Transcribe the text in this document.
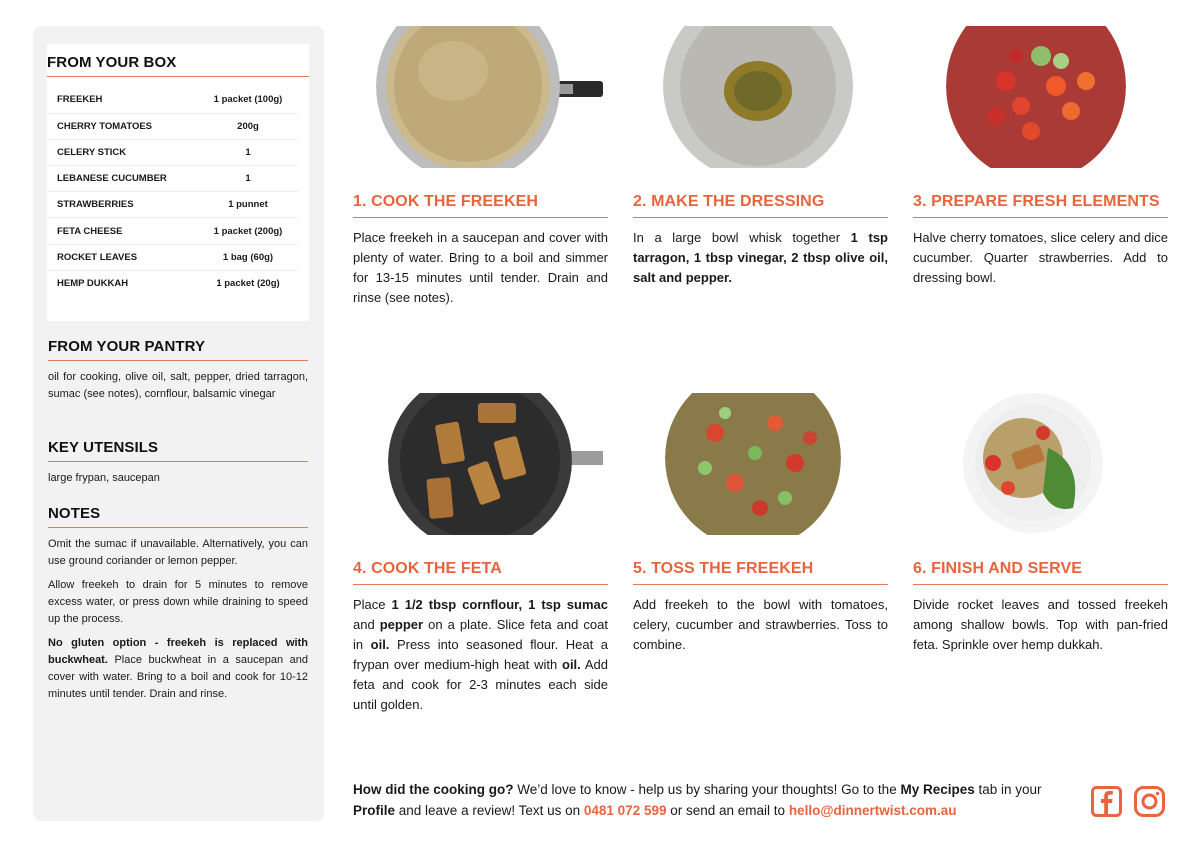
FROM YOUR BOX
FREEKEH	1 packet (100g)
CHERRY TOMATOES	200g
CELERY STICK	1
LEBANESE CUCUMBER	1
STRAWBERRIES	1 punnet
FETA CHEESE	1 packet (200g)
ROCKET LEAVES	1 bag (60g)
HEMP DUKKAH	1 packet (20g)
FROM YOUR PANTRY
oil for cooking, olive oil, salt, pepper, dried tarragon, sumac (see notes), cornflour, balsamic vinegar
KEY UTENSILS
large frypan, saucepan
NOTES

Omit the sumac if unavailable. Alternatively, you can use ground coriander or lemon pepper.

Allow freekeh to drain for 5 minutes to remove excess water, or press down while draining to speed up the process.

No gluten option - freekeh is replaced with buckwheat. Place buckwheat in a saucepan and cover with water. Bring to a boil and cook for 10-12 minutes until tender. Drain and rinse.

1. COOK THE FREEKEH
Place freekeh in a saucepan and cover with plenty of water. Bring to a boil and simmer for 13-15 minutes until tender. Drain and rinse (see notes).
2. MAKE THE DRESSING
In a large bowl whisk together 1 tsp tarragon, 1 tbsp vinegar, 2 tbsp olive oil, salt and pepper.
3. PREPARE FRESH ELEMENTS
Halve cherry tomatoes, slice celery and dice cucumber. Quarter strawberries. Add to dressing bowl.
4. COOK THE FETA
Place 1 1/2 tbsp cornflour, 1 tsp sumac and pepper on a plate. Slice feta and coat in oil. Press into seasoned flour. Heat a frypan over medium-high heat with oil. Add feta and cook for 2-3 minutes each side until golden.
5. TOSS THE FREEKEH
Add freekeh to the bowl with tomatoes, celery, cucumber and strawberries. Toss to combine.
6. FINISH AND SERVE
Divide rocket leaves and tossed freekeh among shallow bowls. Top with pan-fried feta. Sprinkle over hemp dukkah.
How did the cooking go? We’d love to know - help us by sharing your thoughts! Go to the My Recipes tab in your Profile and leave a review! Text us on 0481 072 599 or send an email to hello@dinnertwist.com.au
